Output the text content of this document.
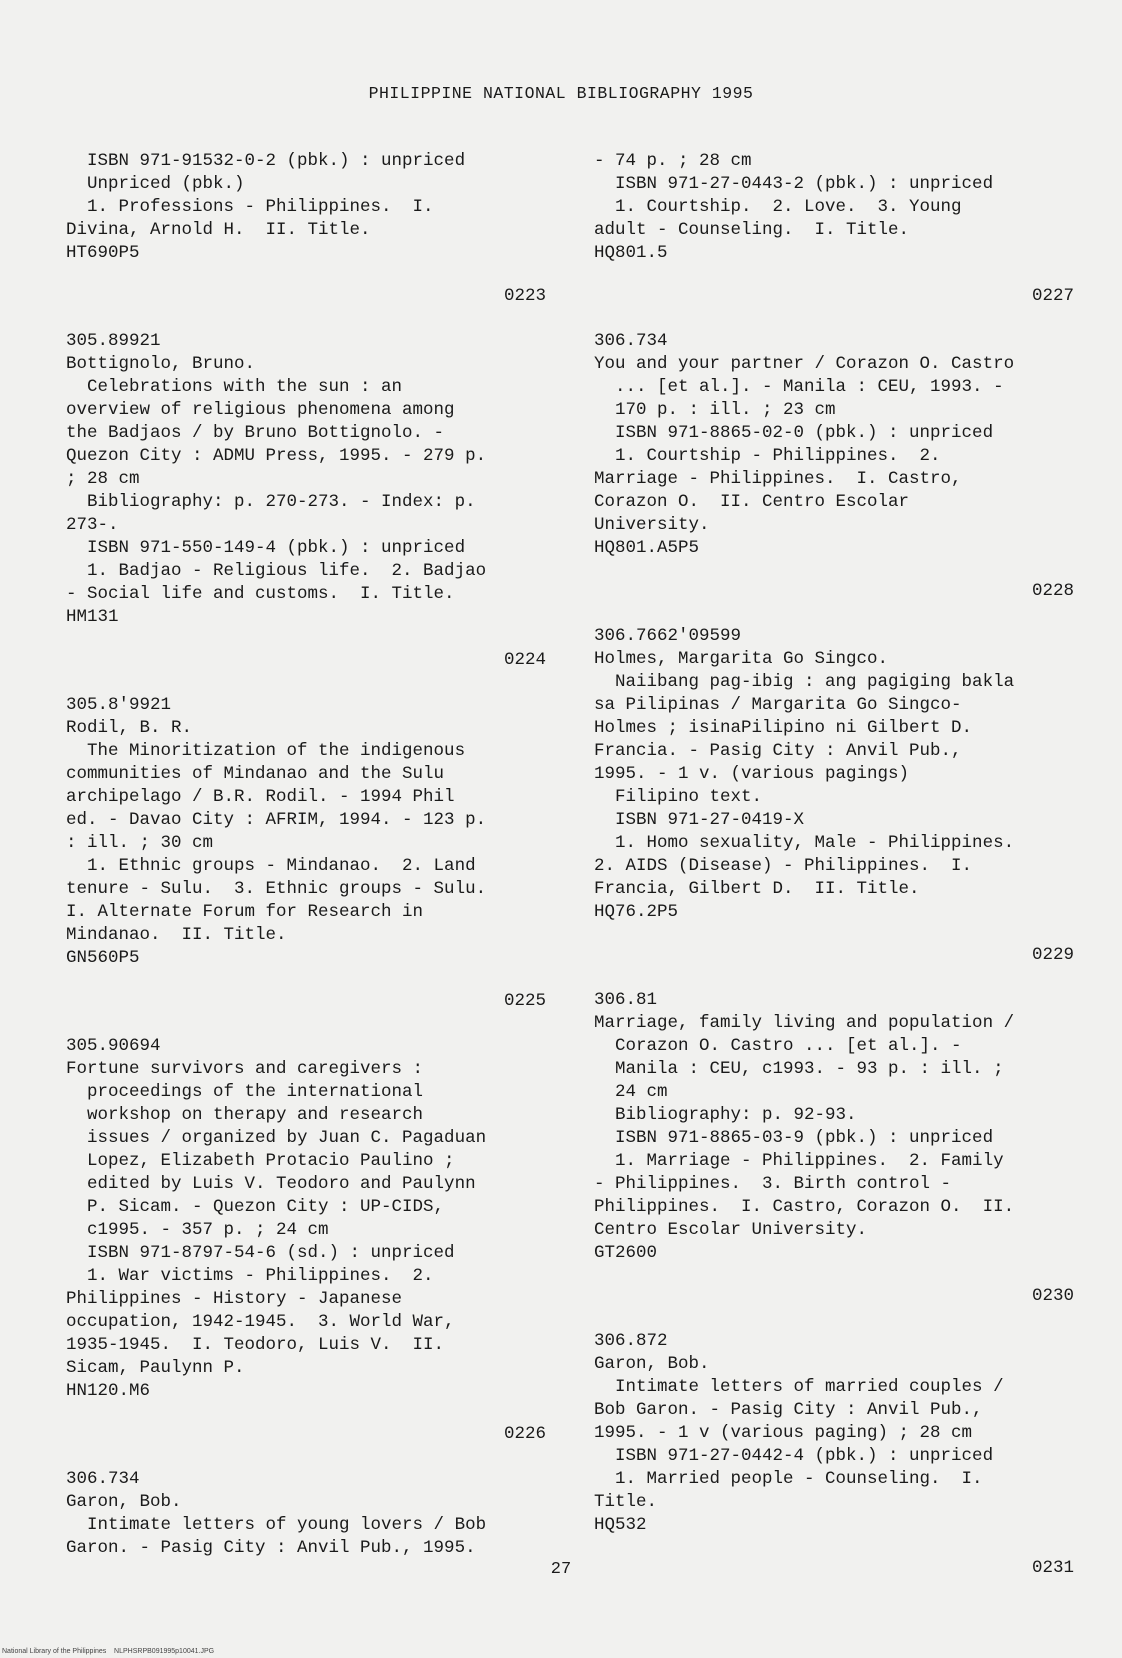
PHILIPPINE NATIONAL BIBLIOGRAPHY 1995
ISBN 971-91532-0-2 (pbk.) : unpriced
Unpriced (pbk.)
1. Professions - Philippines.  I.
Divina, Arnold H.  II. Title.
HT690P5
0223
305.89921
Bottignolo, Bruno.
Celebrations with the sun : an
overview of religious phenomena among
the Badjaos / by Bruno Bottignolo. -
Quezon City : ADMU Press, 1995. - 279 p.
; 28 cm
Bibliography: p. 270-273. - Index: p.
273-.
ISBN 971-550-149-4 (pbk.) : unpriced
1. Badjao - Religious life.  2. Badjao
- Social life and customs.  I. Title.
HM131
0224
305.8'9921
Rodil, B. R.
The Minoritization of the indigenous
communities of Mindanao and the Sulu
archipelago / B.R. Rodil. - 1994 Phil
ed. - Davao City : AFRIM, 1994. - 123 p.
: ill. ; 30 cm
1. Ethnic groups - Mindanao.  2. Land
tenure - Sulu.  3. Ethnic groups - Sulu.
I. Alternate Forum for Research in
Mindanao.  II. Title.
GN560P5
0225
305.90694
Fortune survivors and caregivers :
proceedings of the international
workshop on therapy and research
issues / organized by Juan C. Pagaduan
Lopez, Elizabeth Protacio Paulino ;
edited by Luis V. Teodoro and Paulynn
P. Sicam. - Quezon City : UP-CIDS,
c1995. - 357 p. ; 24 cm
ISBN 971-8797-54-6 (sd.) : unpriced
1. War victims - Philippines.  2.
Philippines - History - Japanese
occupation, 1942-1945.  3. World War,
1935-1945.  I. Teodoro, Luis V.  II.
Sicam, Paulynn P.
HN120.M6
0226
306.734
Garon, Bob.
Intimate letters of young lovers / Bob
Garon. - Pasig City : Anvil Pub., 1995.
- 74 p. ; 28 cm
ISBN 971-27-0443-2 (pbk.) : unpriced
1. Courtship.  2. Love.  3. Young
adult - Counseling.  I. Title.
HQ801.5
0227
306.734
You and your partner / Corazon O. Castro
... [et al.]. - Manila : CEU, 1993. -
170 p. : ill. ; 23 cm
ISBN 971-8865-02-0 (pbk.) : unpriced
1. Courtship - Philippines.  2.
Marriage - Philippines.  I. Castro,
Corazon O.  II. Centro Escolar
University.
HQ801.A5P5
0228
306.7662'09599
Holmes, Margarita Go Singco.
Naiibang pag-ibig : ang pagiging bakla
sa Pilipinas / Margarita Go Singco-
Holmes ; isinaPilipino ni Gilbert D.
Francia. - Pasig City : Anvil Pub.,
1995. - 1 v. (various pagings)
Filipino text.
ISBN 971-27-0419-X
1. Homo sexuality, Male - Philippines.
2. AIDS (Disease) - Philippines.  I.
Francia, Gilbert D.  II. Title.
HQ76.2P5
0229
306.81
Marriage, family living and population /
Corazon O. Castro ... [et al.]. -
Manila : CEU, c1993. - 93 p. : ill. ;
24 cm
Bibliography: p. 92-93.
ISBN 971-8865-03-9 (pbk.) : unpriced
1. Marriage - Philippines.  2. Family
- Philippines.  3. Birth control -
Philippines.  I. Castro, Corazon O.  II.
Centro Escolar University.
GT2600
0230
306.872
Garon, Bob.
Intimate letters of married couples /
Bob Garon. - Pasig City : Anvil Pub.,
1995. - 1 v (various paging) ; 28 cm
ISBN 971-27-0442-4 (pbk.) : unpriced
1. Married people - Counseling.  I.
Title.
HQ532
0231
27
National Library of the Philippines    NLPHSRPB091995p10041.JPG
